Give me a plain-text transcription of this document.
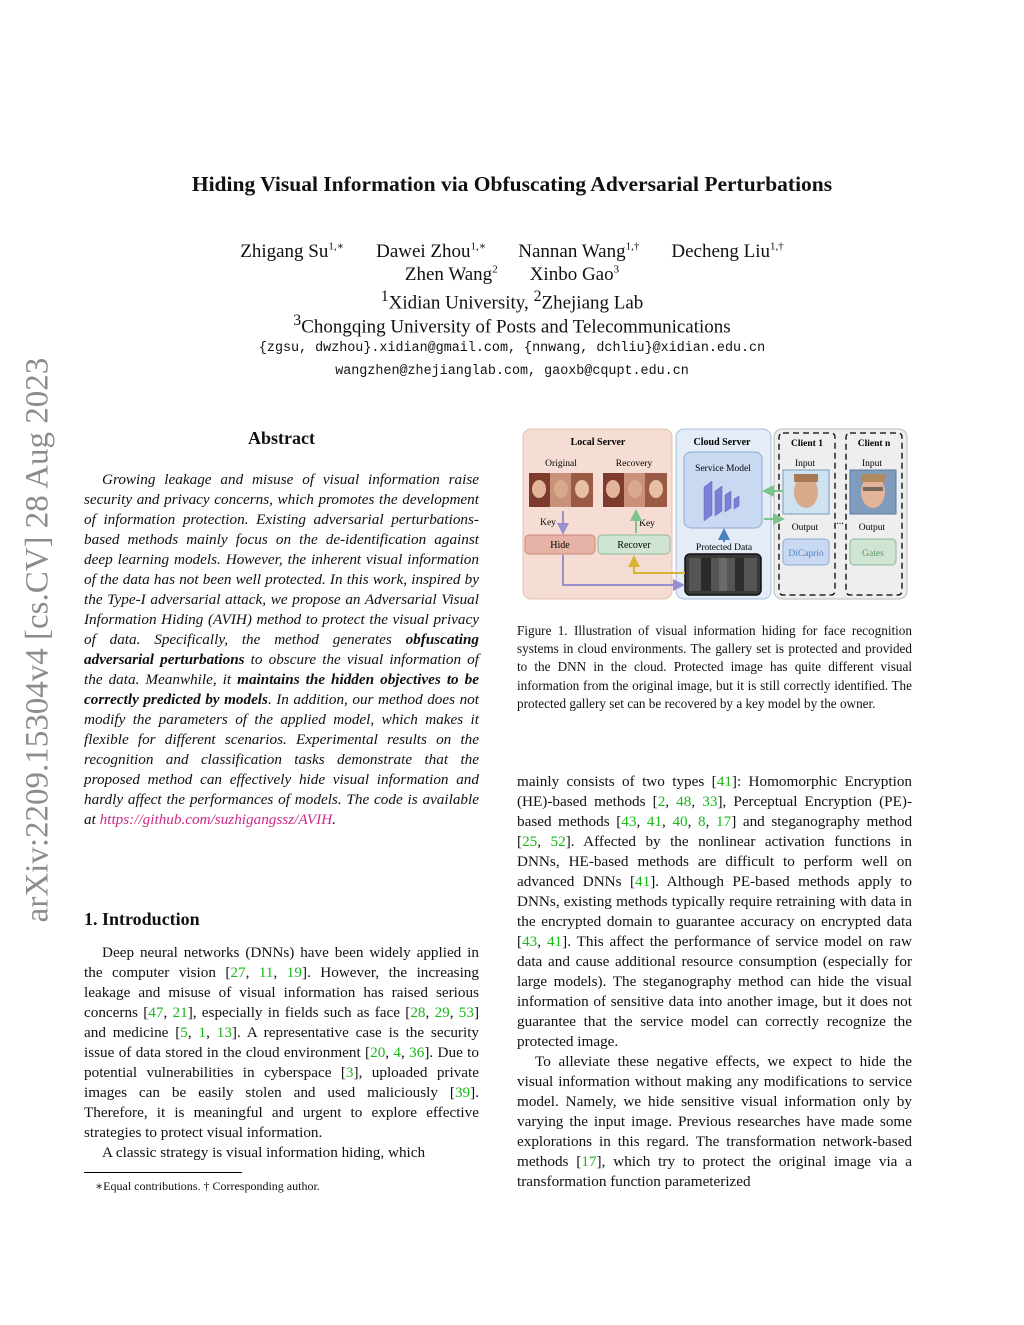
arXiv:2209.15304v4 [cs.CV] 28 Aug 2023
Hiding Visual Information via Obfuscating Adversarial Perturbations
Zhigang $Su^{1,∗}$ Dawei Zhou$^{1,∗}$ Nannan Wang$^{1,\dagger}$ Decheng Liu$^{1,\dagger}$
Zhen Wang$^2$ Xinbo Gao$^3$
$^1$Xidian University, $^2$Zhejiang Lab
$^3$Chongqing University of Posts and Telecommunications
{zgsu, dwzhou}.xidian@gmail.com, {nnwang, dchliu}@xidian.edu.cn
wangzhen@zhejianglab.com, gaoxb@cqupt.edu.cn
Abstract

Growing leakage and misuse of visual information raise security and privacy concerns, which promotes the development of information protection. Existing adversarial perturbations-based methods mainly focus on the de-identification against deep learning models. However, the inherent visual information of the data has not been well protected. In this work, inspired by the Type-I adversarial attack, we propose an Adversarial Visual Information Hiding (AVIH) method to protect the visual privacy of data. Specifically, the method generates obfuscating adversarial perturbations to obscure the visual information of the data. Meanwhile, it maintains the hidden objectives to be correctly predicted by models. In addition, our method does not modify the parameters of the applied model, which makes it flexible for different scenarios. Experimental results on the recognition and classification tasks demonstrate that the proposed method can effectively hide visual information and hardly affect the performances of models. The code is available at https://github.com/suzhigangssz/AVIH.

1. Introduction

Deep neural networks (DNNs) have been widely applied in the computer vision [27, 11, 19]. However, the increasing leakage and misuse of visual information has raised serious concerns [47, 21], especially in fields such as face [28, 29, 53] and medicine [5, 1, 13]. A representative case is the security issue of data stored in the cloud environment [20, 4, 36]. Due to potential vulnerabilities in cyberspace [3], uploaded private images can be easily stolen and used maliciously [39]. Therefore, it is meaningful and urgent to explore effective strategies to protect visual information.

A classic strategy is visual information hiding, which

∗Equal contributions. † Corresponding author.
Local Server
Original	Recovery
Key	Key
Hide	Recover
Cloud Server
Service Model
Protected Data
Client 1	Client n
Input	Input
...
Output	Output
DiCaprio	Gates
Figure 1. Illustration of visual information hiding for face recognition systems in cloud environments. The gallery set is protected and provided to the DNN in the cloud. Protected image has quite different visual information from the original image, but it is still correctly identified. The protected gallery set can be recovered by a key model by the owner.

mainly consists of two types [41]: Homomorphic Encryption (HE)-based methods [2, 48, 33], Perceptual Encryption (PE)-based methods [43, 41, 40, 8, 17] and steganography method [25, 52]. Affected by the nonlinear activation functions in DNNs, HE-based methods are difficult to perform well on advanced DNNs [41]. Although PE-based methods apply to DNNs, existing methods typically require retraining with data in the encrypted domain to guarantee accuracy on encrypted data [43, 41]. This affect the performance of service model on raw data and cause additional resource consumption (especially for large models). The steganography method can hide the visual information of sensitive data into another image, but it does not guarantee that the service model can correctly recognize the protected image.

To alleviate these negative effects, we expect to hide the visual information without making any modifications to service model. Namely, we hide sensitive visual information only by varying the input image. Previous researches have made some explorations in this regard. The transformation network-based methods [17], which try to protect the original image via a transformation function parameterized
